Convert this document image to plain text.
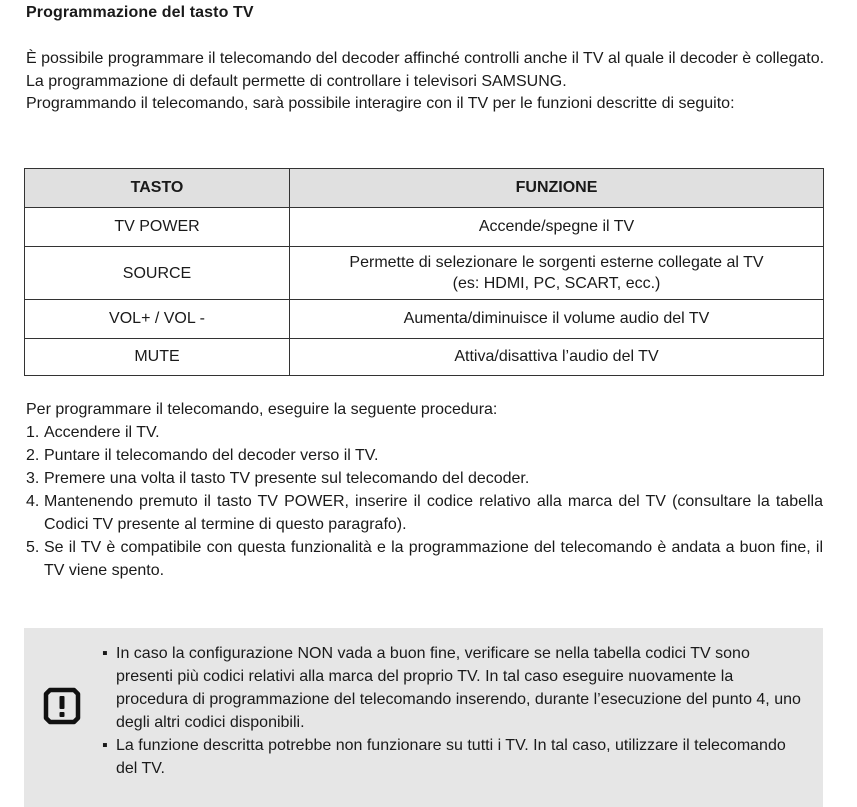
Programmazione del tasto TV

È possibile programmare il telecomando del decoder affinché controlli anche il TV al quale il decoder è collegato.

La programmazione di default permette di controllare i televisori SAMSUNG.

Programmando il telecomando, sarà possibile interagire con il TV per le funzioni descritte di seguito:

TASTO	FUNZIONE
TV POWER	Accende/spegne il TV
SOURCE	Permette di selezionare le sorgenti esterne collegate al TV
(es: HDMI, PC, SCART, ecc.)
VOL+ / VOL -	Aumenta/diminuisce il volume audio del TV
MUTE	Attiva/disattiva l’audio del TV

Per programmare il telecomando, eseguire la seguente procedura:

1. Accendere il TV.
2. Puntare il telecomando del decoder verso il TV.
3. Premere una volta il tasto TV presente sul telecomando del decoder.
4. Mantenendo premuto il tasto TV POWER, inserire il codice relativo alla marca del TV (consultare la tabella Codici TV presente al termine di questo paragrafo).
5. Se il TV è compatibile con questa funzionalità e la programmazione del telecomando è andata a buon fine, il TV viene spento.
▪ In caso la configurazione NON vada a buon fine, verificare se nella tabella codici TV sono presenti più codici relativi alla marca del proprio TV. In tal caso eseguire nuovamente la procedura di programmazione del telecomando inserendo, durante l’esecuzione del punto 4, uno degli altri codici disponibili.
▪ La funzione descritta potrebbe non funzionare su tutti i TV. In tal caso, utilizzare il telecomando del TV.
